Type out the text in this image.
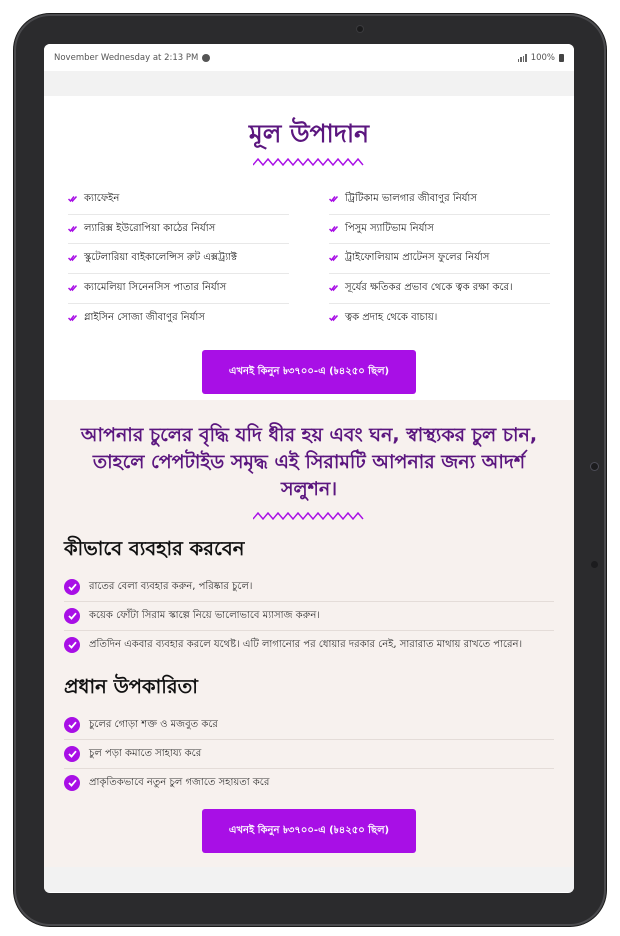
November Wednesday at 2:13 PM	100%
মূল উপাদান
ক্যাফেইন
ল্যারিক্স ইউরোপিয়া কাঠের নির্যাস
স্কুটেলারিয়া বাইকালেন্সিস রুট এক্সট্র্যাক্ট
ক্যামেলিয়া সিনেনসিস পাতার নির্যাস
গ্লাইসিন সোজা জীবাণুর নির্যাস
ট্রিটিকাম ভালগার জীবাণুর নির্যাস
পিসুম স্যাটিভাম নির্যাস
ট্রাইফোলিয়াম প্রাটেনস ফুলের নির্যাস
সূর্যের ক্ষতিকর প্রভাব থেকে ত্বক রক্ষা করে।
ত্বক প্রদাহ থেকে বাচায়।
এখনই কিনুন ৳৩৭০০-এ (৳৪২৫০ ছিল)
আপনার চুলের বৃদ্ধি যদি ধীর হয় এবং ঘন, স্বাস্থ্যকর চুল চান, তাহলে পেপটাইড সমৃদ্ধ এই সিরামটি আপনার জন্য আদর্শ সলুশন।
কীভাবে ব্যবহার করবেন
রাতের বেলা ব্যবহার করুন, পরিষ্কার চুলে।
কয়েক ফোঁটা সিরাম স্কাল্পে নিয়ে ভালোভাবে ম্যাসাজ করুন।
প্রতিদিন একবার ব্যবহার করলে যথেষ্ট। এটি লাগানোর পর ধোয়ার দরকার নেই, সারারাত মাথায় রাখতে পারেন।
প্রধান উপকারিতা
চুলের গোড়া শক্ত ও মজবুত করে
চুল পড়া কমাতে সাহায্য করে
প্রাকৃতিকভাবে নতুন চুল গজাতে সহায়তা করে
এখনই কিনুন ৳৩৭০০-এ (৳৪২৫০ ছিল)
